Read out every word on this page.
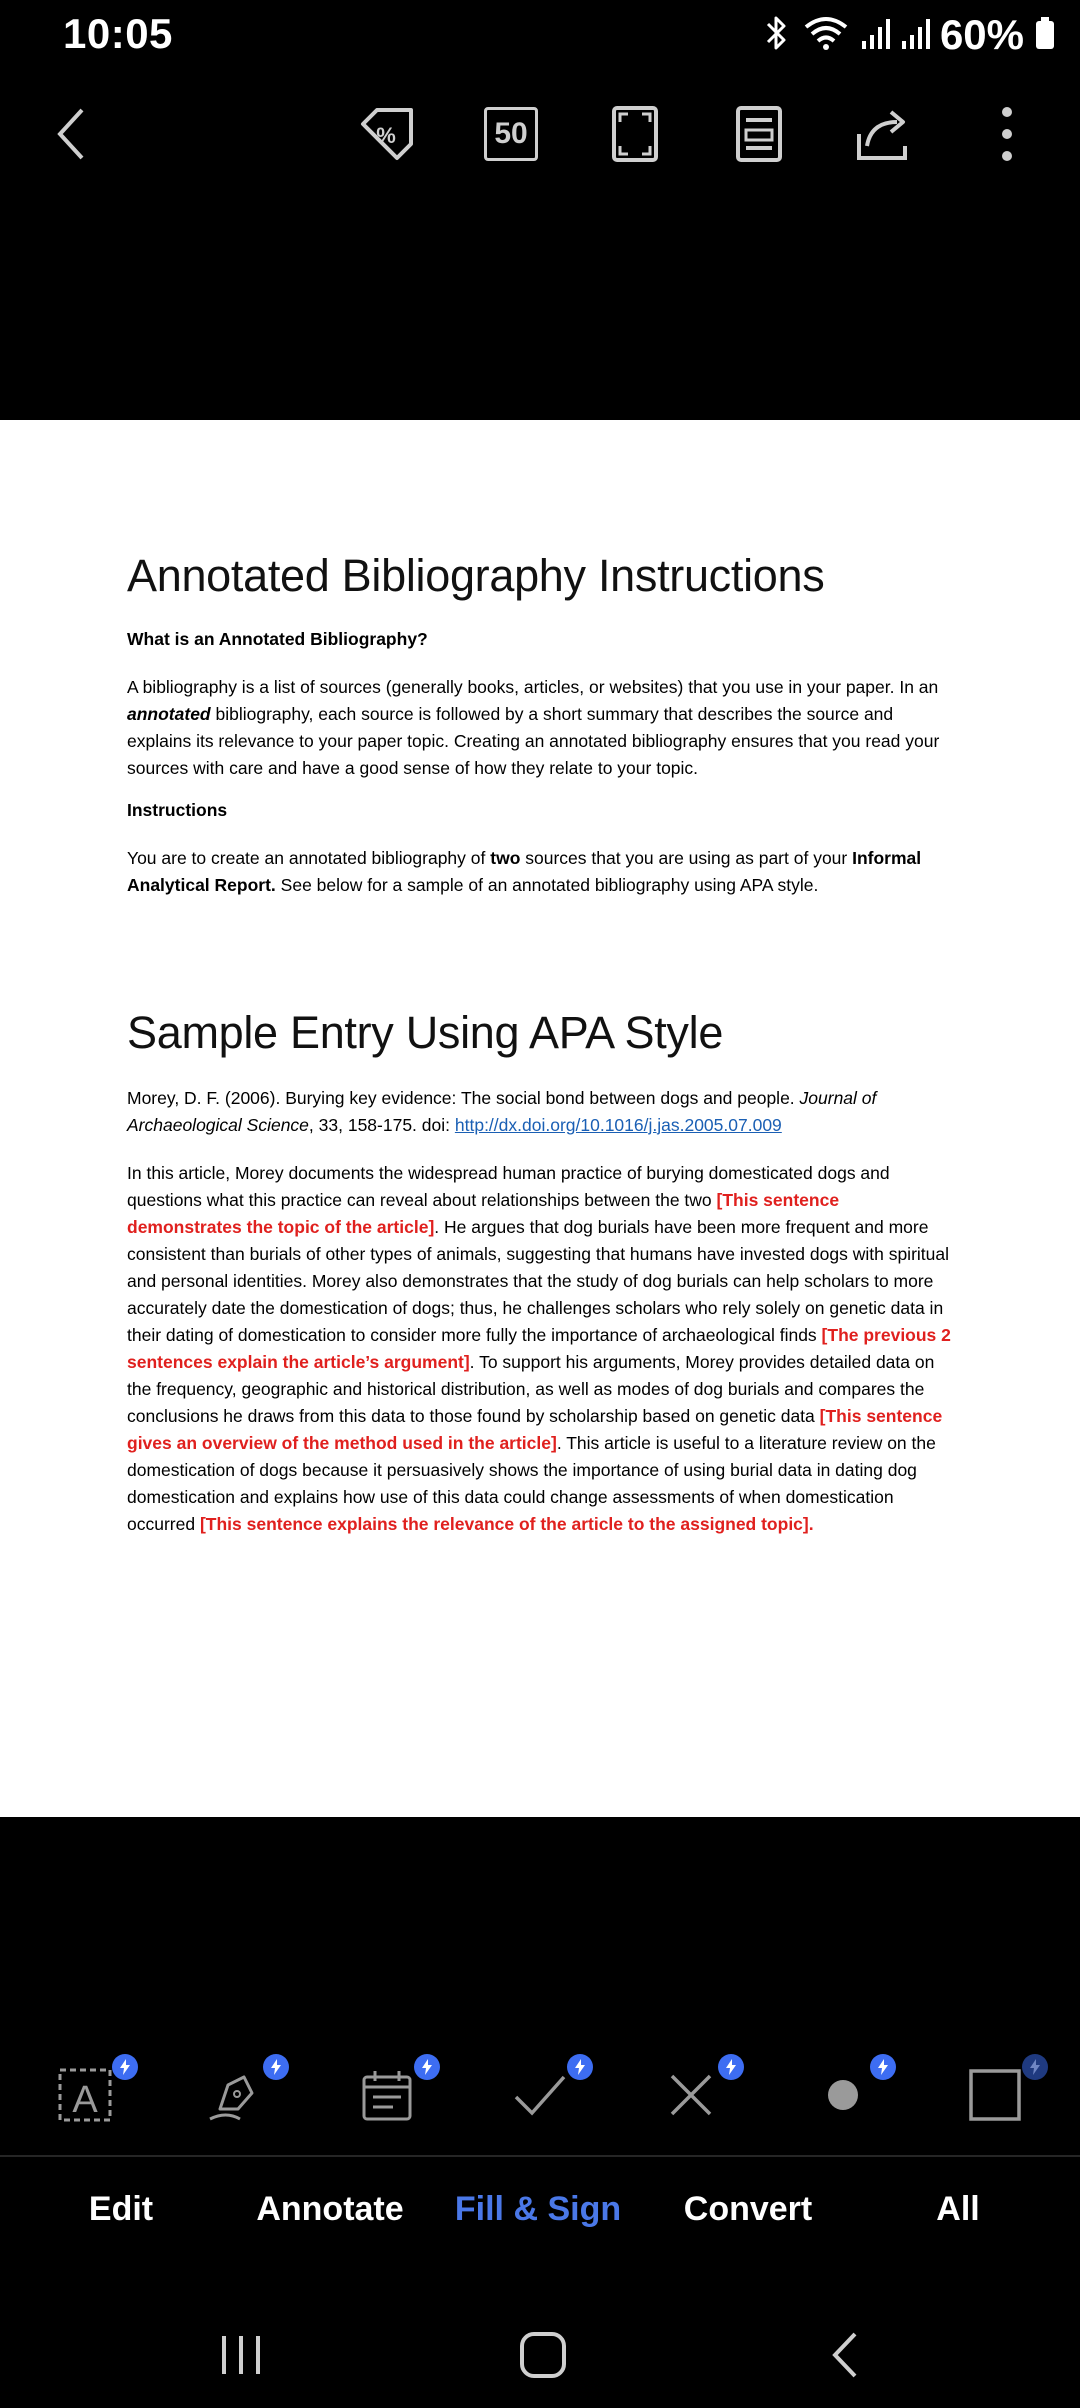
10:05	60%
%	50
Annotated Bibliography Instructions
What is an Annotated Bibliography?
A bibliography is a list of sources (generally books, articles, or websites) that you use in your paper. In an annotated bibliography, each source is followed by a short summary that describes the source and explains its relevance to your paper topic. Creating an annotated bibliography ensures that you read your sources with care and have a good sense of how they relate to your topic.
Instructions
You are to create an annotated bibliography of two sources that you are using as part of your Informal Analytical Report. See below for a sample of an annotated bibliography using APA style.
Sample Entry Using APA Style
Morey, D. F. (2006). Burying key evidence: The social bond between dogs and people. Journal of Archaeological Science, 33, 158-175. doi: http://dx.doi.org/10.1016/j.jas.2005.07.009
In this article, Morey documents the widespread human practice of burying domesticated dogs and questions what this practice can reveal about relationships between the two [This sentence demonstrates the topic of the article]. He argues that dog burials have been more frequent and more consistent than burials of other types of animals, suggesting that humans have invested dogs with spiritual and personal identities. Morey also demonstrates that the study of dog burials can help scholars to more accurately date the domestication of dogs; thus, he challenges scholars who rely solely on genetic data in their dating of domestication to consider more fully the importance of archaeological finds [The previous 2 sentences explain the article’s argument]. To support his arguments, Morey provides detailed data on the frequency, geographic and historical distribution, as well as modes of dog burials and compares the conclusions he draws from this data to those found by scholarship based on genetic data [This sentence gives an overview of the method used in the article]. This article is useful to a literature review on the domestication of dogs because it persuasively shows the importance of using burial data in dating dog domestication and explains how use of this data could change assessments of when domestication occurred [This sentence explains the relevance of the article to the assigned topic].
A
Edit	Annotate Fill & Sign Convert	All
